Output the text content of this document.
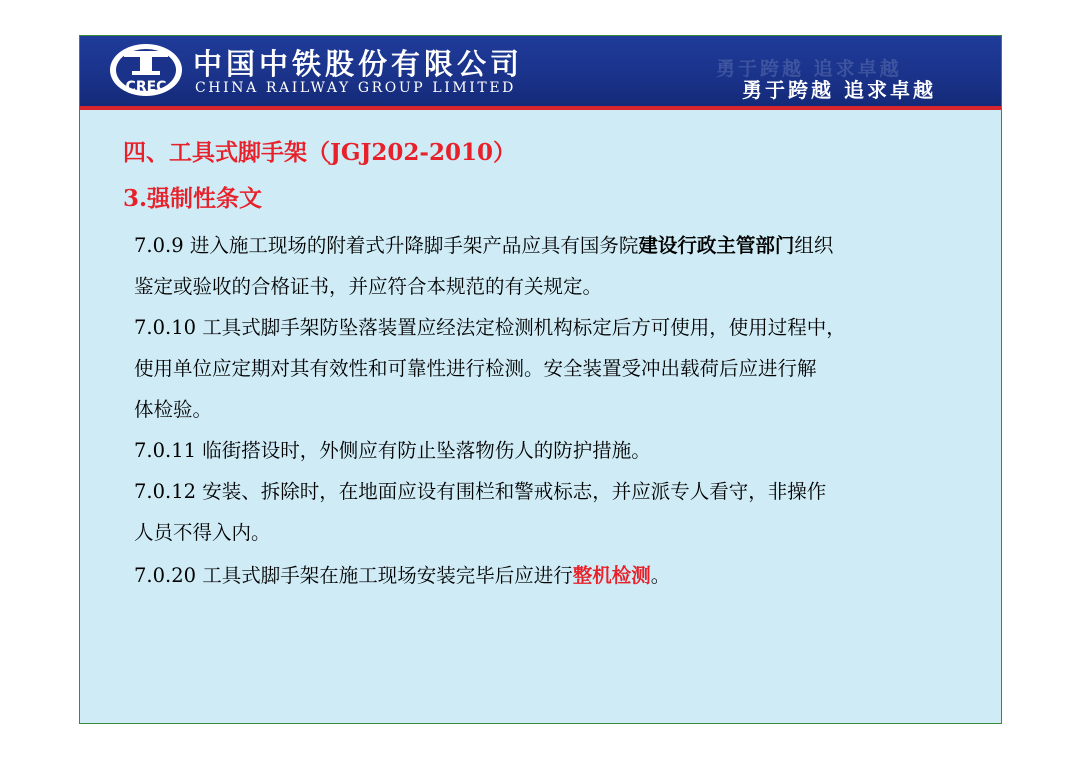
CREC
中国中铁股份有限公司
CHINA RAILWAY GROUP LIMITED
勇于跨越 追求卓越
勇于跨越 追求卓越
四、工具式脚手架（JGJ202-2010）
3.强制性条文
7.0.9 进入施工现场的附着式升降脚手架产品应具有国务院建设行政主管部门组织
鉴定或验收的合格证书，并应符合本规范的有关规定。
7.0.10 工具式脚手架防坠落装置应经法定检测机构标定后方可使用，使用过程中，
使用单位应定期对其有效性和可靠性进行检测。安全装置受冲出载荷后应进行解
体检验。
7.0.11 临街搭设时，外侧应有防止坠落物伤人的防护措施。
7.0.12 安装、拆除时，在地面应设有围栏和警戒标志，并应派专人看守，非操作
人员不得入内。
7.0.20 工具式脚手架在施工现场安装完毕后应进行整机检测。
